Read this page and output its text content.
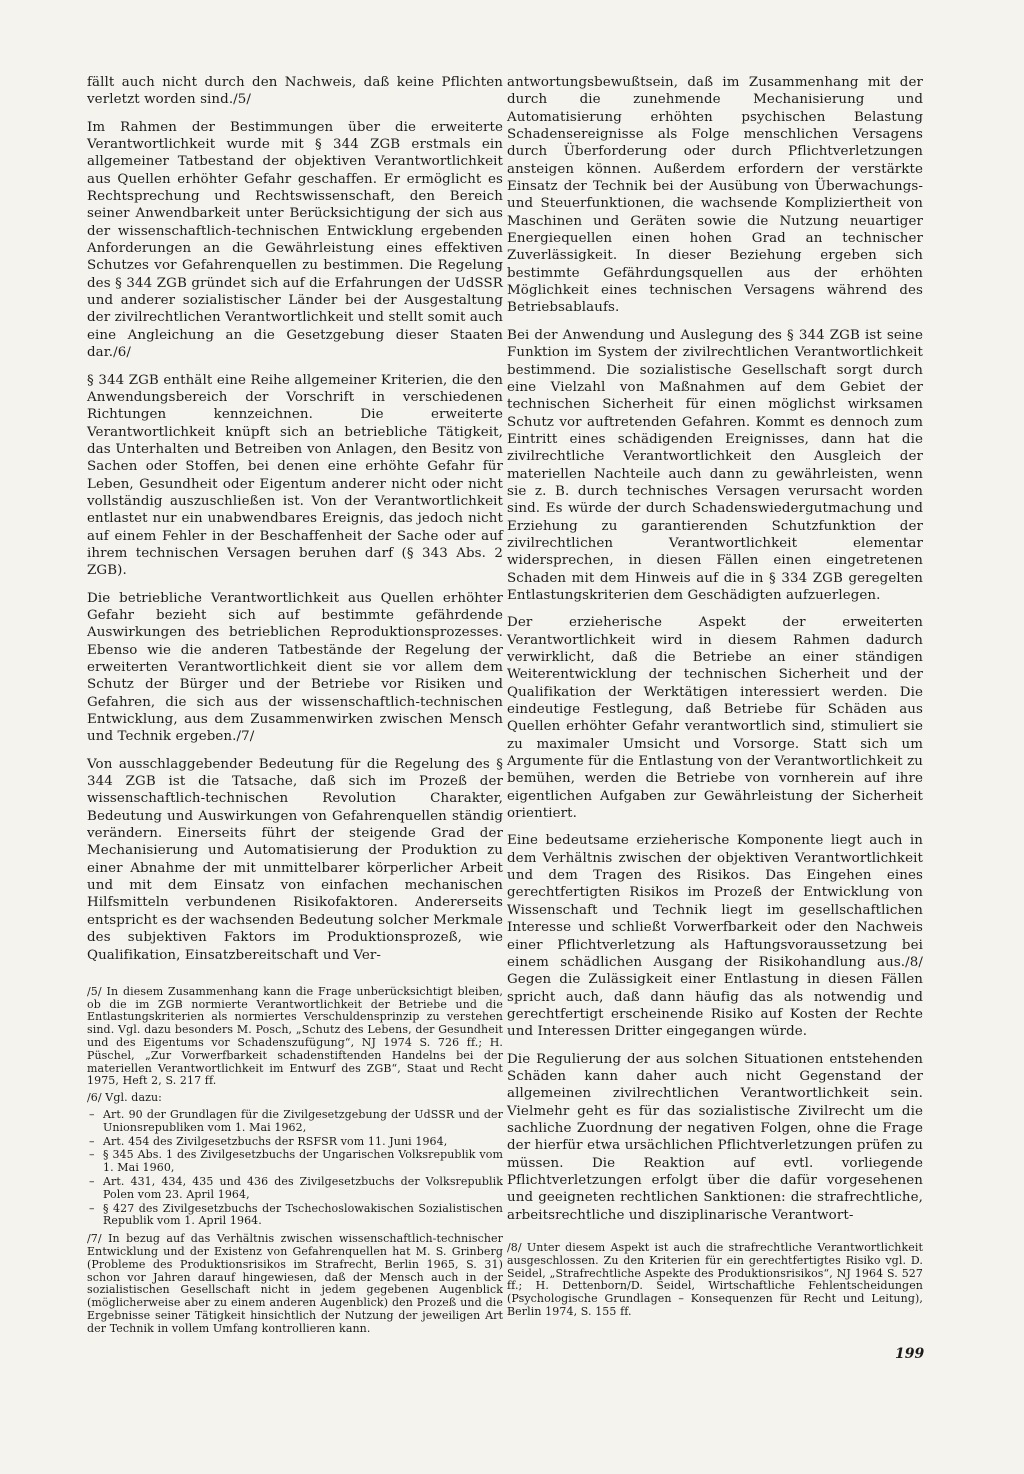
fällt auch nicht durch den Nachweis, daß keine Pflichten verletzt worden sind./5/

Im Rahmen der Bestimmungen über die erweiterte Verantwortlichkeit wurde mit § 344 ZGB erstmals ein allgemeiner Tatbestand der objektiven Verantwortlichkeit aus Quellen erhöhter Gefahr geschaffen. Er ermöglicht es Rechtsprechung und Rechtswissenschaft, den Bereich seiner Anwendbarkeit unter Berücksichtigung der sich aus der wissenschaftlich-technischen Entwicklung ergebenden Anforderungen an die Gewährleistung eines effektiven Schutzes vor Gefahrenquellen zu bestimmen. Die Regelung des § 344 ZGB gründet sich auf die Erfahrungen der UdSSR und anderer sozialistischer Länder bei der Ausgestaltung der zivilrechtlichen Verantwortlichkeit und stellt somit auch eine Angleichung an die Gesetzgebung dieser Staaten dar./6/

§ 344 ZGB enthält eine Reihe allgemeiner Kriterien, die den Anwendungsbereich der Vorschrift in verschiedenen Richtungen kennzeichnen. Die erweiterte Verantwortlichkeit knüpft sich an betriebliche Tätigkeit, das Unterhalten und Betreiben von Anlagen, den Besitz von Sachen oder Stoffen, bei denen eine erhöhte Gefahr für Leben, Gesundheit oder Eigentum anderer nicht oder nicht vollständig auszuschließen ist. Von der Verantwortlichkeit entlastet nur ein unabwendbares Ereignis, das jedoch nicht auf einem Fehler in der Beschaffenheit der Sache oder auf ihrem technischen Versagen beruhen darf (§ 343 Abs. 2 ZGB).

Die betriebliche Verantwortlichkeit aus Quellen erhöhter Gefahr bezieht sich auf bestimmte gefährdende Auswirkungen des betrieblichen Reproduktionsprozesses. Ebenso wie die anderen Tatbestände der Regelung der erweiterten Verantwortlichkeit dient sie vor allem dem Schutz der Bürger und der Betriebe vor Risiken und Gefahren, die sich aus der wissenschaftlich-technischen Entwicklung, aus dem Zusammenwirken zwischen Mensch und Technik ergeben./7/

Von ausschlaggebender Bedeutung für die Regelung des § 344 ZGB ist die Tatsache, daß sich im Prozeß der wissenschaftlich-technischen Revolution Charakter, Bedeutung und Auswirkungen von Gefahrenquellen ständig verändern. Einerseits führt der steigende Grad der Mechanisierung und Automatisierung der Produktion zu einer Abnahme der mit unmittelbarer körperlicher Arbeit und mit dem Einsatz von einfachen mechanischen Hilfsmitteln verbundenen Risikofaktoren. Andererseits entspricht es der wachsenden Bedeutung solcher Merkmale des subjektiven Faktors im Produktionsprozeß, wie Qualifikation, Einsatzbereitschaft und Ver-

/5/ In diesem Zusammenhang kann die Frage unberücksichtigt bleiben, ob die im ZGB normierte Verantwortlichkeit der Betriebe und die Entlastungskriterien als normiertes Verschuldensprinzip zu verstehen sind. Vgl. dazu besonders M. Posch, „Schutz des Lebens, der Gesundheit und des Eigentums vor Schadenszufügung“, NJ 1974 S. 726 ff.; H. Püschel, „Zur Vorwerfbarkeit schadenstiftenden Handelns bei der materiellen Verantwortlichkeit im Entwurf des ZGB“, Staat und Recht 1975, Heft 2, S. 217 ff.

/6/ Vgl. dazu:

– Art. 90 der Grundlagen für die Zivilgesetzgebung der UdSSR und der Unionsrepubliken vom 1. Mai 1962,
– Art. 454 des Zivilgesetzbuchs der RSFSR vom 11. Juni 1964,
– § 345 Abs. 1 des Zivilgesetzbuchs der Ungarischen Volksrepublik vom 1. Mai 1960,
– Art. 431, 434, 435 und 436 des Zivilgesetzbuchs der Volksrepublik Polen vom 23. April 1964,
– § 427 des Zivilgesetzbuchs der Tschechoslowakischen Sozialistischen Republik vom 1. April 1964.

/7/ In bezug auf das Verhältnis zwischen wissenschaftlich-technischer Entwicklung und der Existenz von Gefahrenquellen hat M. S. Grinberg (Probleme des Produktionsrisikos im Strafrecht, Berlin 1965, S. 31) schon vor Jahren darauf hingewiesen, daß der Mensch auch in der sozialistischen Gesellschaft nicht in jedem gegebenen Augenblick (möglicherweise aber zu einem anderen Augenblick) den Prozeß und die Ergebnisse seiner Tätigkeit hinsichtlich der Nutzung der jeweiligen Art der Technik in vollem Umfang kontrollieren kann.

antwortungsbewußtsein, daß im Zusammenhang mit der durch die zunehmende Mechanisierung und Automatisierung erhöhten psychischen Belastung Schadensereignisse als Folge menschlichen Versagens durch Überforderung oder durch Pflichtverletzungen ansteigen können. Außerdem erfordern der verstärkte Einsatz der Technik bei der Ausübung von Überwachungs- und Steuerfunktionen, die wachsende Kompliziertheit von Maschinen und Geräten sowie die Nutzung neuartiger Energiequellen einen hohen Grad an technischer Zuverlässigkeit. In dieser Beziehung ergeben sich bestimmte Gefährdungsquellen aus der erhöhten Möglichkeit eines technischen Versagens während des Betriebsablaufs.

Bei der Anwendung und Auslegung des § 344 ZGB ist seine Funktion im System der zivilrechtlichen Verantwortlichkeit bestimmend. Die sozialistische Gesellschaft sorgt durch eine Vielzahl von Maßnahmen auf dem Gebiet der technischen Sicherheit für einen möglichst wirksamen Schutz vor auftretenden Gefahren. Kommt es dennoch zum Eintritt eines schädigenden Ereignisses, dann hat die zivilrechtliche Verantwortlichkeit den Ausgleich der materiellen Nachteile auch dann zu gewährleisten, wenn sie z. B. durch technisches Versagen verursacht worden sind. Es würde der durch Schadenswiedergutmachung und Erziehung zu garantierenden Schutzfunktion der zivilrechtlichen Verantwortlichkeit elementar widersprechen, in diesen Fällen einen eingetretenen Schaden mit dem Hinweis auf die in § 334 ZGB geregelten Entlastungskriterien dem Geschädigten aufzuerlegen.

Der erzieherische Aspekt der erweiterten Verantwortlichkeit wird in diesem Rahmen dadurch verwirklicht, daß die Betriebe an einer ständigen Weiterentwicklung der technischen Sicherheit und der Qualifikation der Werktätigen interessiert werden. Die eindeutige Festlegung, daß Betriebe für Schäden aus Quellen erhöhter Gefahr verantwortlich sind, stimuliert sie zu maximaler Umsicht und Vorsorge. Statt sich um Argumente für die Entlastung von der Verantwortlichkeit zu bemühen, werden die Betriebe von vornherein auf ihre eigentlichen Aufgaben zur Gewährleistung der Sicherheit orientiert.

Eine bedeutsame erzieherische Komponente liegt auch in dem Verhältnis zwischen der objektiven Verantwortlichkeit und dem Tragen des Risikos. Das Eingehen eines gerechtfertigten Risikos im Prozeß der Entwicklung von Wissenschaft und Technik liegt im gesellschaftlichen Interesse und schließt Vorwerfbarkeit oder den Nachweis einer Pflichtverletzung als Haftungsvoraussetzung bei einem schädlichen Ausgang der Risikohandlung aus./8/ Gegen die Zulässigkeit einer Entlastung in diesen Fällen spricht auch, daß dann häufig das als notwendig und gerechtfertigt erscheinende Risiko auf Kosten der Rechte und Interessen Dritter eingegangen würde.

Die Regulierung der aus solchen Situationen entstehenden Schäden kann daher auch nicht Gegenstand der allgemeinen zivilrechtlichen Verantwortlichkeit sein. Vielmehr geht es für das sozialistische Zivilrecht um die sachliche Zuordnung der negativen Folgen, ohne die Frage der hierfür etwa ursächlichen Pflichtverletzungen prüfen zu müssen. Die Reaktion auf evtl. vorliegende Pflichtverletzungen erfolgt über die dafür vorgesehenen und geeigneten rechtlichen Sanktionen: die strafrechtliche, arbeitsrechtliche und disziplinarische Verantwort-

/8/ Unter diesem Aspekt ist auch die strafrechtliche Verantwortlichkeit ausgeschlossen. Zu den Kriterien für ein gerechtfertigtes Risiko vgl. D. Seidel, „Strafrechtliche Aspekte des Produktionsrisikos“, NJ 1964 S. 527 ff.; H. Dettenborn/D. Seidel, Wirtschaftliche Fehlentscheidungen (Psychologische Grundlagen – Konsequenzen für Recht und Leitung), Berlin 1974, S. 155 ff.

199
